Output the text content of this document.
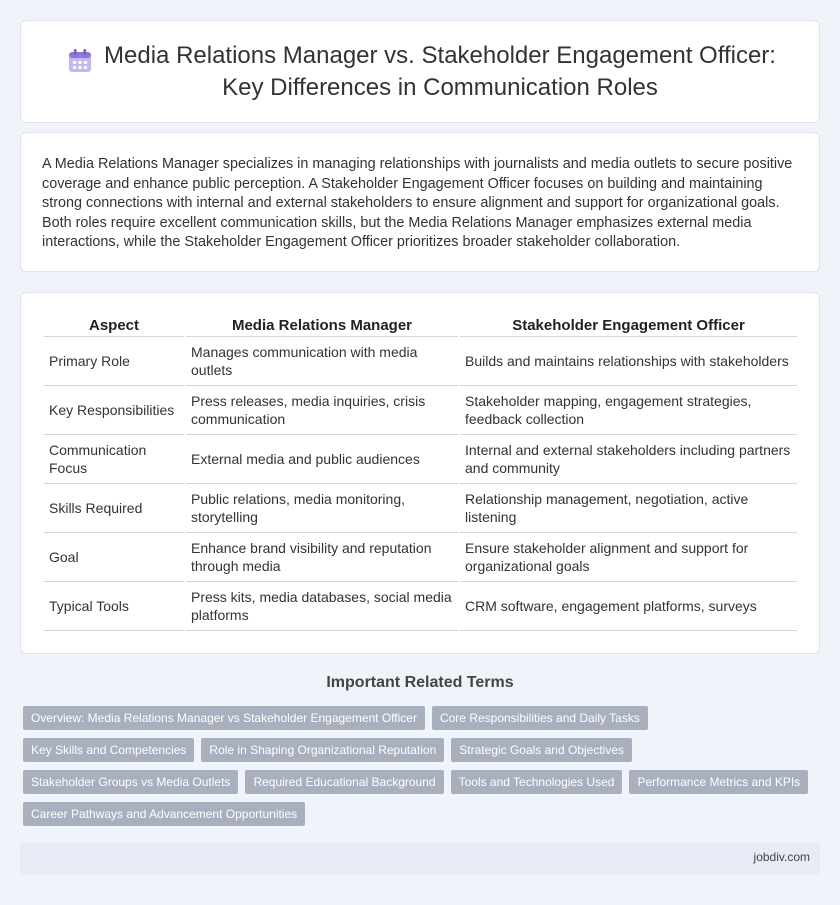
Media Relations Manager vs. Stakeholder Engagement Officer: Key Differences in Communication Roles

A Media Relations Manager specializes in managing relationships with journalists and media outlets to secure positive coverage and enhance public perception. A Stakeholder Engagement Officer focuses on building and maintaining strong connections with internal and external stakeholders to ensure alignment and support for organizational goals. Both roles require excellent communication skills, but the Media Relations Manager emphasizes external media interactions, while the Stakeholder Engagement Officer prioritizes broader stakeholder collaboration.

Aspect	Media Relations Manager	Stakeholder Engagement Officer
Primary Role	Manages communication with media outlets	Builds and maintains relationships with stakeholders
Key Responsibilities	Press releases, media inquiries, crisis communication	Stakeholder mapping, engagement strategies, feedback collection
Communication Focus	External media and public audiences	Internal and external stakeholders including partners and community
Skills Required	Public relations, media monitoring, storytelling	Relationship management, negotiation, active listening
Goal	Enhance brand visibility and reputation through media	Ensure stakeholder alignment and support for organizational goals
Typical Tools	Press kits, media databases, social media platforms	CRM software, engagement platforms, surveys
Important Related Terms
Overview: Media Relations Manager vs Stakeholder Engagement Officer	Core Responsibilities and Daily Tasks
Key Skills and Competencies	Role in Shaping Organizational Reputation	Strategic Goals and Objectives
Stakeholder Groups vs Media Outlets	Required Educational Background	Tools and Technologies Used	Performance Metrics and KPIs
Career Pathways and Advancement Opportunities
jobdiv.com
